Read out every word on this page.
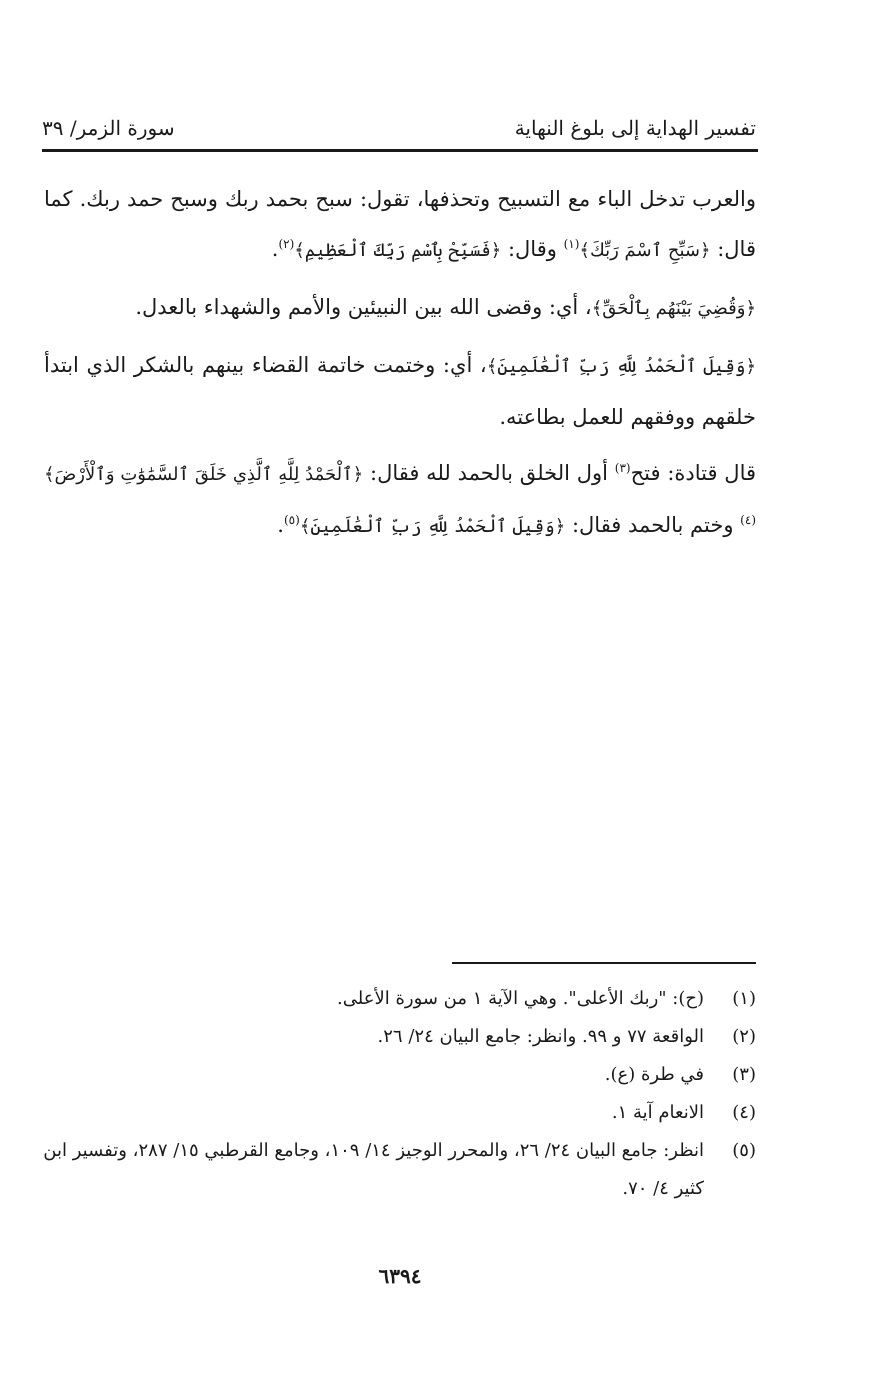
تفسير الهداية إلى بلوغ النهاية
سورة الزمر/ ٣٩

والعرب تدخل الباء مع التسبيح وتحذفها، تقول: سبح بحمد ربك وسبح حمد ربك. كما قال: ﴿سَبِّحِ ٱسْمَ رَبِّكَ﴾$^{(١)}$ وقال: ﴿فَسَبِّحْ بِٱسْمِ رَبِّكَ ٱلْعَظِيمِ﴾$^{(٢)}$.

﴿وَقُضِيَ بَيْنَهُم بِٱلْحَقِّ﴾، أي: وقضى الله بين النبيئين والأمم والشهداء بالعدل.

﴿وَقِيلَ ٱلْحَمْدُ لِلَّهِ رَبِّ ٱلْعَٰلَمِينَ﴾، أي: وختمت خاتمة القضاء بينهم بالشكر الذي ابتدأ خلقهم ووفقهم للعمل بطاعته.

قال قتادة: فتح$^{(٣)}$ أول الخلق بالحمد لله فقال: ﴿ٱلْحَمْدُ لِلَّهِ ٱلَّذِي خَلَقَ ٱلسَّمَٰوَٰتِ وَٱلْأَرْضَ﴾$^{(٤)}$ وختم بالحمد فقال: ﴿وَقِيلَ ٱلْحَمْدُ لِلَّهِ رَبِّ ٱلْعَٰلَمِينَ﴾$^{(٥)}$.

(١)
(ح): "ربك الأعلى". وهي الآية ١ من سورة الأعلى.
(٢)
الواقعة ٧٧ و ٩٩. وانظر: جامع البيان ٢٤/ ٢٦.
(٣)
في طرة (ع).
(٤)
الانعام آية ١.
(٥)
انظر: جامع البيان ٢٤/ ٢٦، والمحرر الوجيز ١٤/ ١٠٩، وجامع القرطبي ١٥/ ٢٨٧، وتفسير ابن كثير ٤/ ٧٠.
٦٣٩٤
